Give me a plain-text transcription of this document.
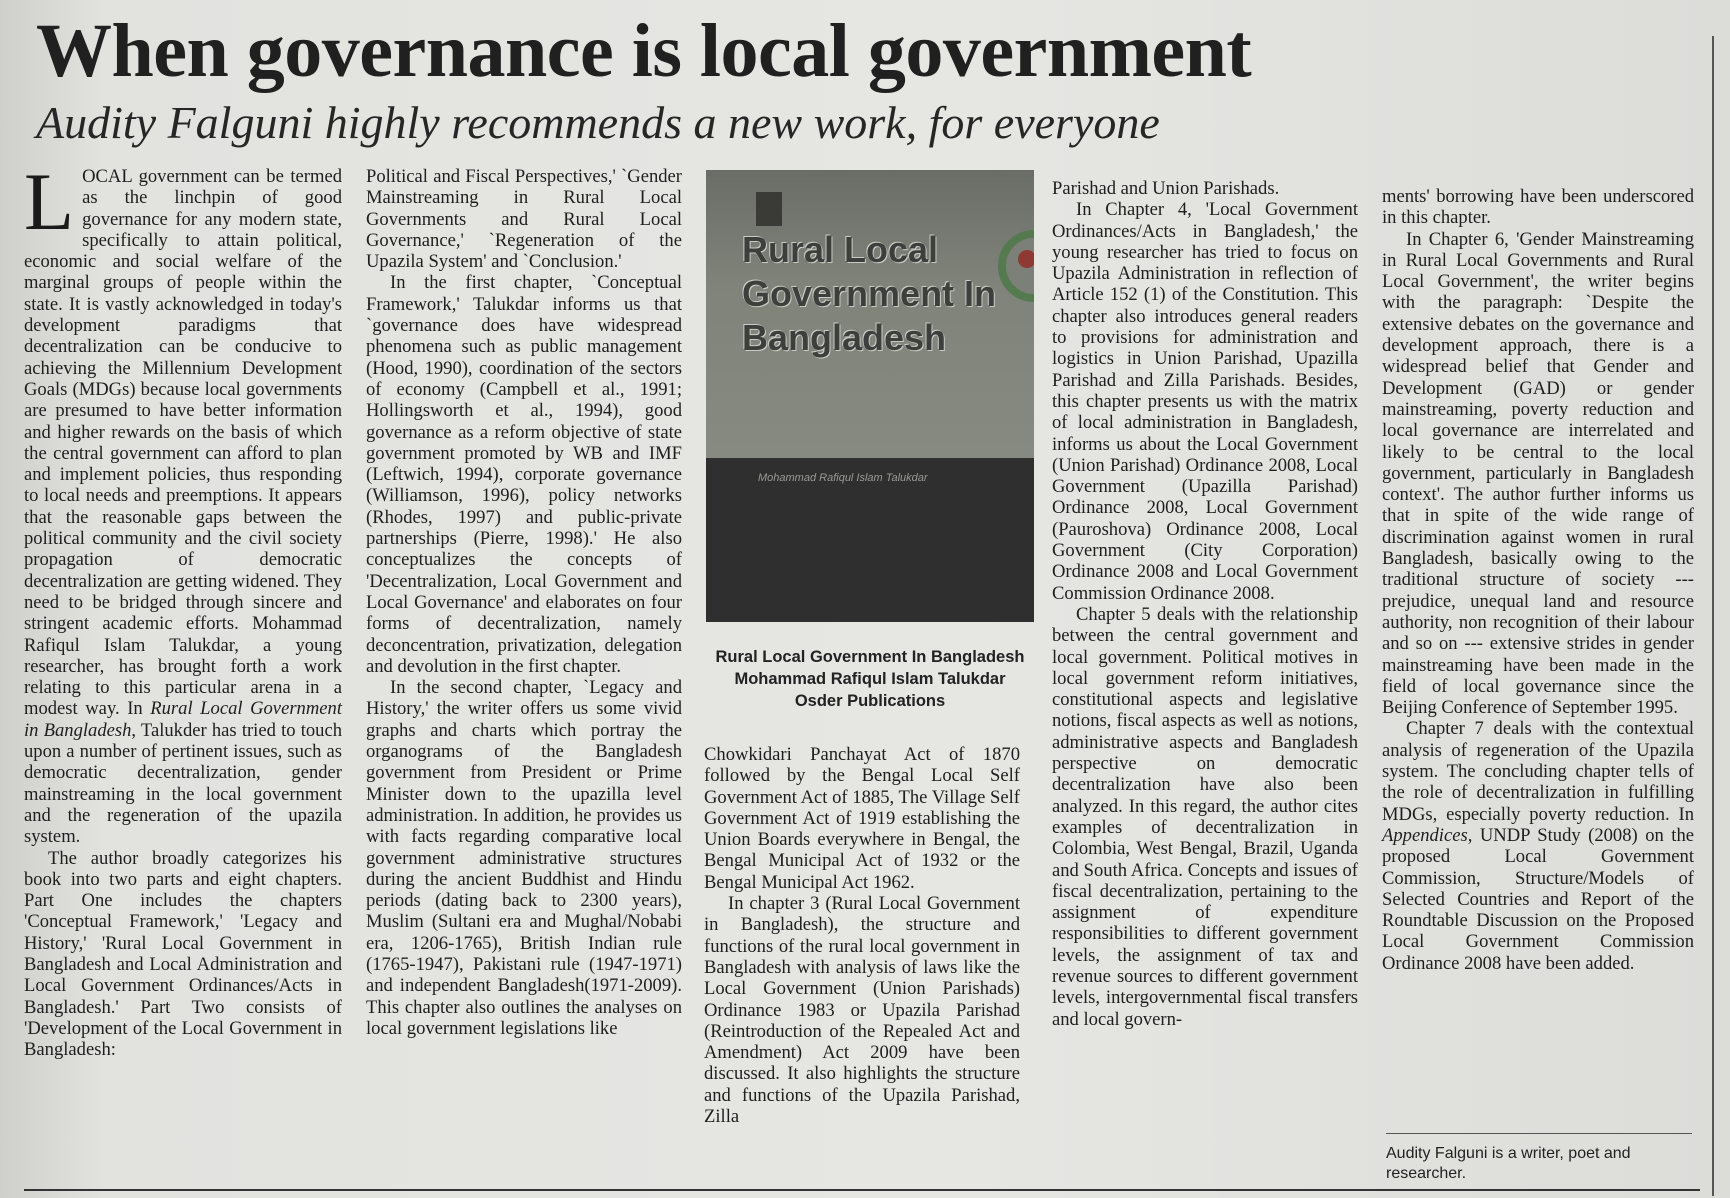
When governance is local government
Audity Falguni highly recommends a new work, for everyone

LOCAL government can be termed as the linchpin of good governance for any modern state, specifically to attain political, economic and social welfare of the marginal groups of people within the state. It is vastly acknowledged in today's development paradigms that decentralization can be conducive to achieving the Millennium Development Goals (MDGs) because local governments are presumed to have better information and higher rewards on the basis of which the central government can afford to plan and implement policies, thus responding to local needs and preemptions. It appears that the reasonable gaps between the political community and the civil society propagation of democratic decentralization are getting widened. They need to be bridged through sincere and stringent academic efforts. Mohammad Rafiqul Islam Talukdar, a young researcher, has brought forth a work relating to this particular arena in a modest way. In Rural Local Government in Bangladesh, Talukder has tried to touch upon a number of pertinent issues, such as democratic decentralization, gender mainstreaming in the local government and the regeneration of the upazila system.

The author broadly categorizes his book into two parts and eight chapters. Part One includes the chapters 'Conceptual Framework,' 'Legacy and History,' 'Rural Local Government in Bangladesh and Local Administration and Local Government Ordinances/Acts in Bangladesh.' Part Two consists of 'Development of the Local Government in Bangladesh:

Political and Fiscal Perspectives,' `Gender Mainstreaming in Rural Local Governments and Rural Local Governance,' `Regeneration of the Upazila System' and `Conclusion.'

In the first chapter, `Conceptual Framework,' Talukdar informs us that `governance does have widespread phenomena such as public management (Hood, 1990), coordination of the sectors of economy (Campbell et al., 1991; Hollingsworth et al., 1994), good governance as a reform objective of state government promoted by WB and IMF (Leftwich, 1994), corporate governance (Williamson, 1996), policy networks (Rhodes, 1997) and public-private partnerships (Pierre, 1998).' He also conceptualizes the concepts of 'Decentralization, Local Government and Local Governance' and elaborates on four forms of decentralization, namely deconcentration, privatization, delegation and devolution in the first chapter.

In the second chapter, `Legacy and History,' the writer offers us some vivid graphs and charts which portray the organograms of the Bangladesh government from President or Prime Minister down to the upazilla level administration. In addition, he provides us with facts regarding comparative local government administrative structures during the ancient Buddhist and Hindu periods (dating back to 2300 years), Muslim (Sultani era and Mughal/Nobabi era, 1206-1765), British Indian rule (1765-1947), Pakistani rule (1947-1971) and independent Bangladesh(1971-2009). This chapter also outlines the analyses on local government legislations like

Rural Local Government In Bangladesh
Mohammad Rafiqul Islam Talukdar
Rural Local Government In Bangladesh
Mohammad Rafiqul Islam Talukdar
Osder Publications

Chowkidari Panchayat Act of 1870 followed by the Bengal Local Self Government Act of 1885, The Village Self Government Act of 1919 establishing the Union Boards everywhere in Bengal, the Bengal Municipal Act of 1932 or the Bengal Municipal Act 1962.

In chapter 3 (Rural Local Government in Bangladesh), the structure and functions of the rural local government in Bangladesh with analysis of laws like the Local Government (Union Parishads) Ordinance 1983 or Upazila Parishad (Reintroduction of the Repealed Act and Amendment) Act 2009 have been discussed. It also highlights the structure and functions of the Upazila Parishad, Zilla

Parishad and Union Parishads.

In Chapter 4, 'Local Government Ordinances/Acts in Bangladesh,' the young researcher has tried to focus on Upazila Administration in reflection of Article 152 (1) of the Constitution. This chapter also introduces general readers to provisions for administration and logistics in Union Parishad, Upazilla Parishad and Zilla Parishads. Besides, this chapter presents us with the matrix of local administration in Bangladesh, informs us about the Local Government (Union Parishad) Ordinance 2008, Local Government (Upazilla Parishad) Ordinance 2008, Local Government (Pauroshova) Ordinance 2008, Local Government (City Corporation) Ordinance 2008 and Local Government Commission Ordinance 2008.

Chapter 5 deals with the relationship between the central government and local government. Political motives in local government reform initiatives, constitutional aspects and legislative notions, fiscal aspects as well as notions, administrative aspects and Bangladesh perspective on democratic decentralization have also been analyzed. In this regard, the author cites examples of decentralization in Colombia, West Bengal, Brazil, Uganda and South Africa. Concepts and issues of fiscal decentralization, pertaining to the assignment of expenditure responsibilities to different government levels, the assignment of tax and revenue sources to different government levels, intergovernmental fiscal transfers and local govern-

ments' borrowing have been underscored in this chapter.

In Chapter 6, 'Gender Mainstreaming in Rural Local Governments and Rural Local Government', the writer begins with the paragraph: `Despite the extensive debates on the governance and development approach, there is a widespread belief that Gender and Development (GAD) or gender mainstreaming, poverty reduction and local governance are interrelated and likely to be central to the local government, particularly in Bangladesh context'. The author further informs us that in spite of the wide range of discrimination against women in rural Bangladesh, basically owing to the traditional structure of society --- prejudice, unequal land and resource authority, non recognition of their labour and so on --- extensive strides in gender mainstreaming have been made in the field of local governance since the Beijing Conference of September 1995.

Chapter 7 deals with the contextual analysis of regeneration of the Upazila system. The concluding chapter tells of the role of decentralization in fulfilling MDGs, especially poverty reduction. In Appendices, UNDP Study (2008) on the proposed Local Government Commission, Structure/Models of Selected Countries and Report of the Roundtable Discussion on the Proposed Local Government Commission Ordinance 2008 have been added.

Audity Falguni is a writer, poet and researcher.
